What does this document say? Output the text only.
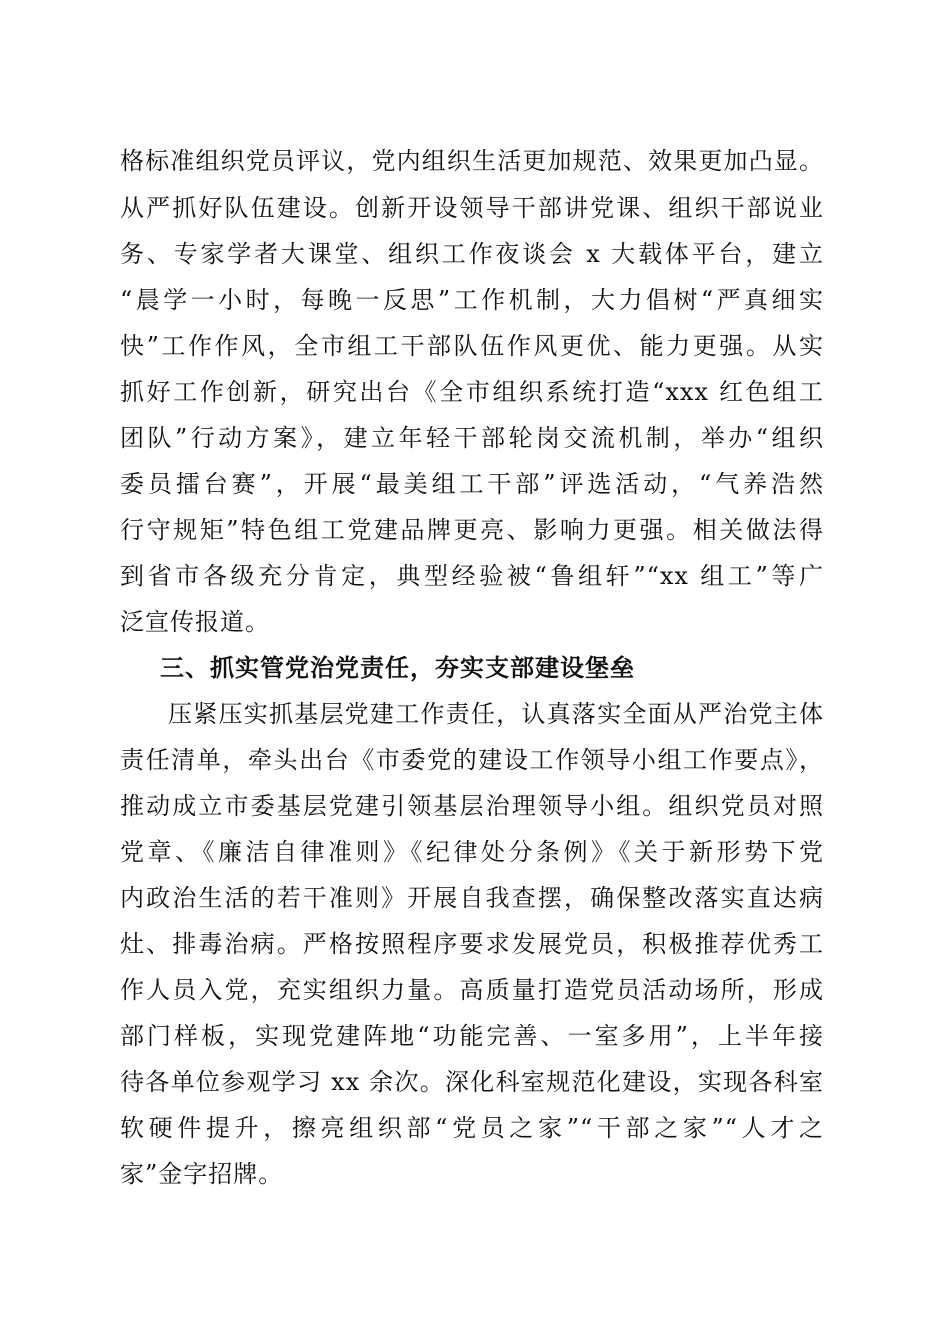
格标准组织党员评议，党内组织生活更加规范、效果更加凸显。
从严抓好队伍建设。创新开设领导干部讲党课、组织干部说业
务、专家学者大课堂、组织工作夜谈会 x 大载体平台，建立
“晨学一小时，每晚一反思”工作机制，大力倡树“严真细实
快”工作作风，全市组工干部队伍作风更优、能力更强。从实
抓好工作创新，研究出台《全市组织系统打造“xxx 红色组工
团队”行动方案》，建立年轻干部轮岗交流机制，举办“组织
委员擂台赛”，开展“最美组工干部”评选活动，“气养浩然
行守规矩”特色组工党建品牌更亮、影响力更强。相关做法得
到省市各级充分肯定，典型经验被“鲁组轩”“xx 组工”等广
泛宣传报道。
三、抓实管党治党责任，夯实支部建设堡垒
压紧压实抓基层党建工作责任，认真落实全面从严治党主体
责任清单，牵头出台《市委党的建设工作领导小组工作要点》，
推动成立市委基层党建引领基层治理领导小组。组织党员对照
党章、《廉洁自律准则》《纪律处分条例》《关于新形势下党
内政治生活的若干准则》开展自我查摆，确保整改落实直达病
灶、排毒治病。严格按照程序要求发展党员，积极推荐优秀工
作人员入党，充实组织力量。高质量打造党员活动场所，形成
部门样板，实现党建阵地“功能完善、一室多用”，上半年接
待各单位参观学习 xx 余次。深化科室规范化建设，实现各科室
软硬件提升，擦亮组织部“党员之家”“干部之家”“人才之
家”金字招牌。
